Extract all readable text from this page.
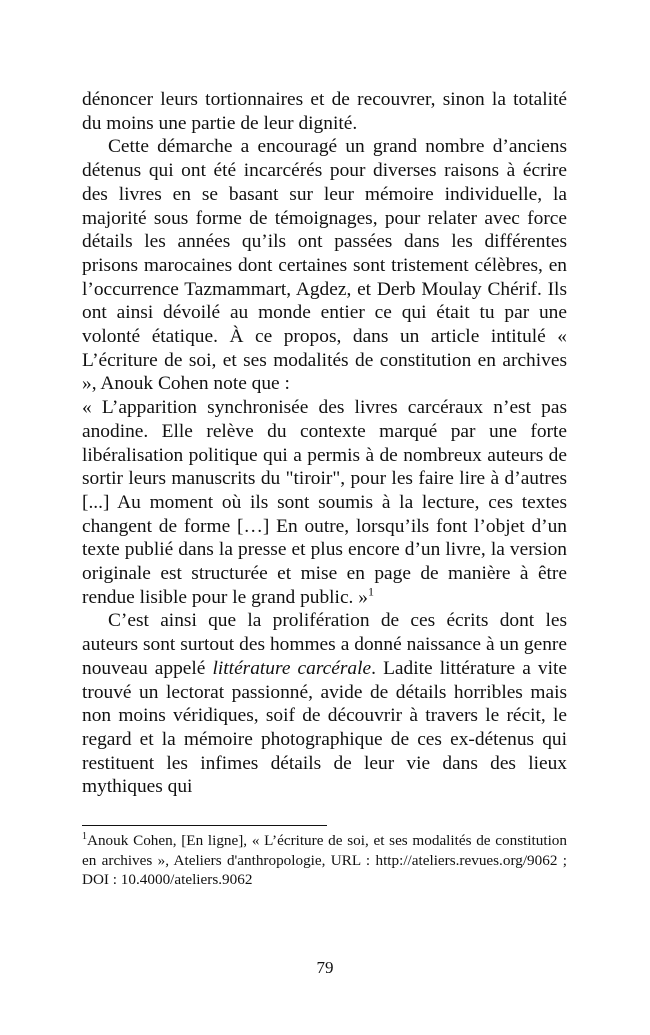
dénoncer leurs tortionnaires et de recouvrer, sinon la totalité du moins une partie de leur dignité.

Cette démarche a encouragé un grand nombre d’anciens détenus qui ont été incarcérés pour diverses raisons à écrire des livres en se basant sur leur mémoire individuelle, la majorité sous forme de témoignages, pour relater avec force détails les années qu’ils ont passées dans les différentes prisons marocaines dont certaines sont tristement célèbres, en l’occurrence Tazmammart, Agdez, et Derb Moulay Chérif. Ils ont ainsi dévoilé au monde entier ce qui était tu par une volonté étatique. À ce propos, dans un article intitulé « L’écriture de soi, et ses modalités de constitution en archives », Anouk Cohen note que :

« L’apparition synchronisée des livres carcéraux n’est pas anodine. Elle relève du contexte marqué par une forte libéralisation politique qui a permis à de nombreux auteurs de sortir leurs manuscrits du "tiroir", pour les faire lire à d’autres [...] Au moment où ils sont soumis à la lecture, ces textes changent de forme […] En outre, lorsqu’ils font l’objet d’un texte publié dans la presse et plus encore d’un livre, la version originale est structurée et mise en page de manière à être rendue lisible pour le grand public. »$^1$

C’est ainsi que la prolifération de ces écrits dont les auteurs sont surtout des hommes a donné naissance à un genre nouveau appelé littérature carcérale. Ladite littérature a vite trouvé un lectorat passionné, avide de détails horribles mais non moins véridiques, soif de découvrir à travers le récit, le regard et la mémoire photographique de ces ex-détenus qui restituent les infimes détails de leur vie dans des lieux mythiques qui

$^1$Anouk Cohen, [En ligne], « L’écriture de soi, et ses modalités de constitution en archives », Ateliers d'anthropologie, URL : http://ateliers.revues.org/9062 ; DOI : 10.4000/ateliers.9062

79
